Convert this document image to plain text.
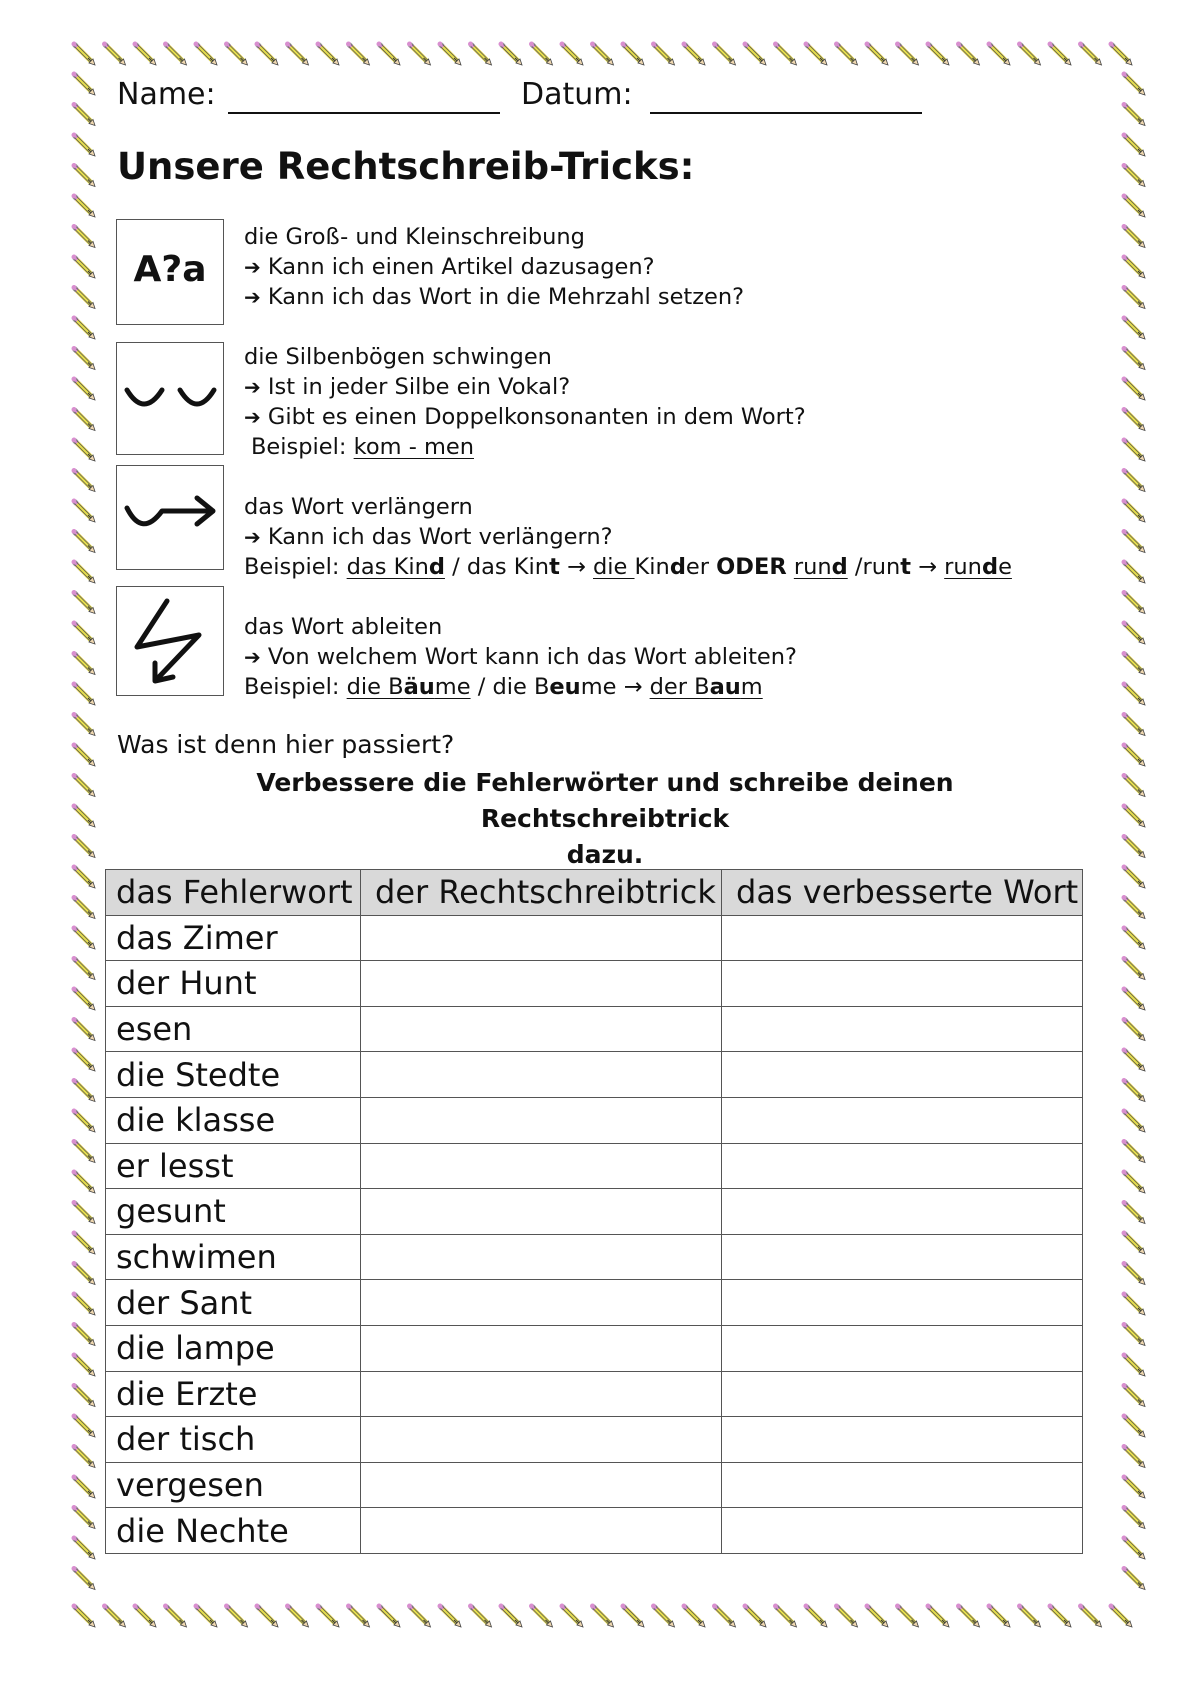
Name:	Datum:
Unsere Rechtschreib-Tricks:
A?a
die Groß- und Kleinschreibung
➔ Kann ich einen Artikel dazusagen?
➔ Kann ich das Wort in die Mehrzahl setzen?
die Silbenbögen schwingen
➔ Ist in jeder Silbe ein Vokal?
➔ Gibt es einen Doppelkonsonanten in dem Wort?
Beispiel: kom - men
das Wort verlängern
➔ Kann ich das Wort verlängern?
Beispiel: das Kind / das Kint → die Kinder ODER rund /runt → runde
das Wort ableiten
➔ Von welchem Wort kann ich das Wort ableiten?
Beispiel: die Bäume / die Beume → der Baum
Was ist denn hier passiert?
Verbessere die Fehlerwörter und schreibe deinen Rechtschreibtrick
dazu.
das Fehlerwort	der Rechtschreibtrick	das verbesserte Wort
das Zimer		
der Hunt		
esen		
die Stedte		
die klasse		
er lesst		
gesunt		
schwimen		
der Sant		
die lampe		
die Erzte		
der tisch		
vergesen		
die Nechte		
